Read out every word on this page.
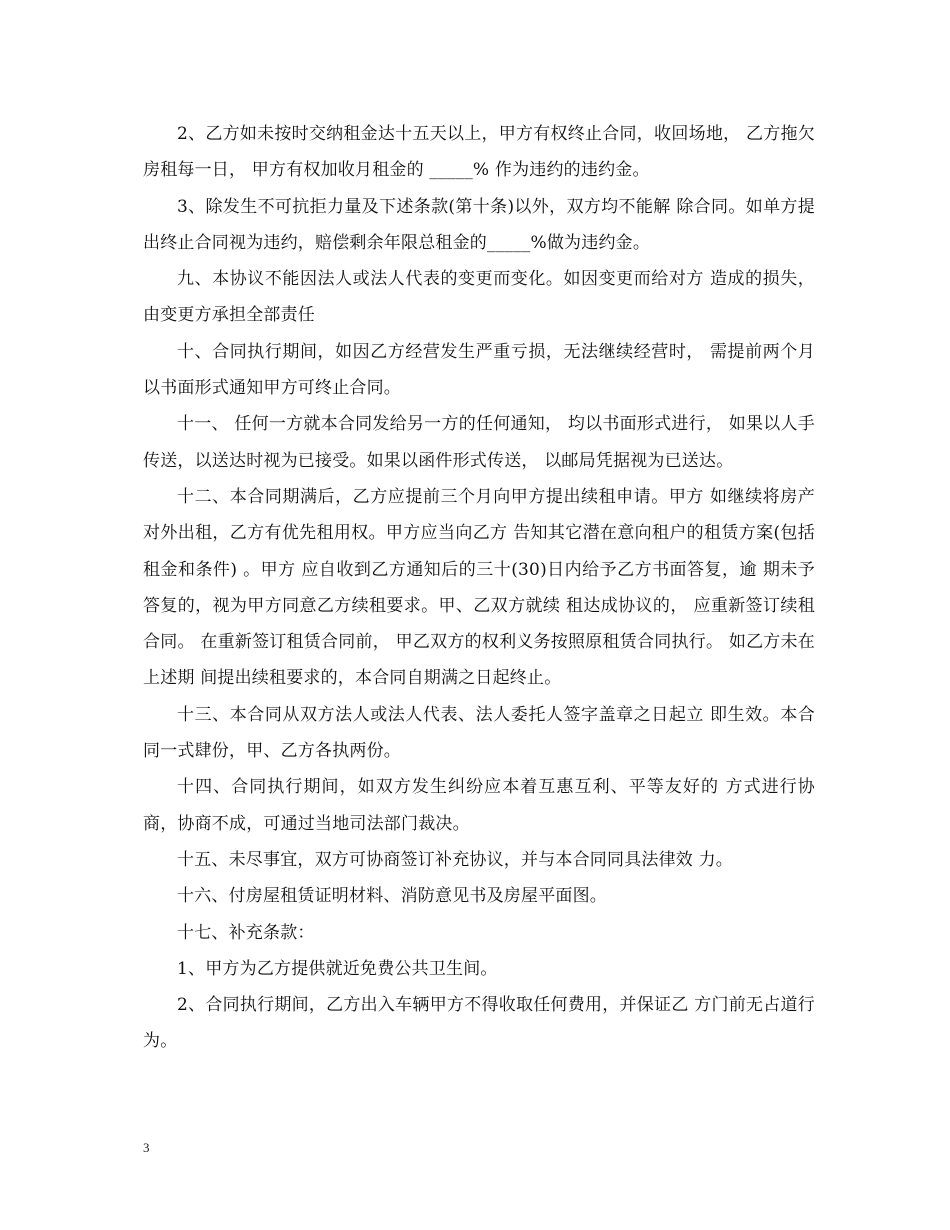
2、乙方如未按时交纳租金达十五天以上，甲方有权终止合同，收回场地， 乙方拖欠房租每一日， 甲方有权加收月租金的 _____% 作为违约的违约金。

3、除发生不可抗拒力量及下述条款(第十条)以外，双方均不能解 除合同。如单方提出终止合同视为违约，赔偿剩余年限总租金的_____%做为违约金。

九、本协议不能因法人或法人代表的变更而变化。如因变更而给对方 造成的损失，由变更方承担全部责任

十、合同执行期间，如因乙方经营发生严重亏损，无法继续经营时， 需提前两个月以书面形式通知甲方可终止合同。

十一、 任何一方就本合同发给另一方的任何通知， 均以书面形式进行， 如果以人手传送，以送达时视为已接受。如果以函件形式传送， 以邮局凭据视为已送达。

十二、本合同期满后，乙方应提前三个月向甲方提出续租申请。甲方 如继续将房产对外出租，乙方有优先租用权。甲方应当向乙方 告知其它潜在意向租户的租赁方案(包括租金和条件) 。甲方 应自收到乙方通知后的三十(30)日内给予乙方书面答复，逾 期未予答复的，视为甲方同意乙方续租要求。甲、乙双方就续 租达成协议的， 应重新签订续租合同。 在重新签订租赁合同前， 甲乙双方的权利义务按照原租赁合同执行。 如乙方未在上述期 间提出续租要求的，本合同自期满之日起终止。

十三、本合同从双方法人或法人代表、法人委托人签字盖章之日起立 即生效。本合同一式肆份，甲、乙方各执两份。

十四、合同执行期间，如双方发生纠纷应本着互惠互利、平等友好的 方式进行协商，协商不成，可通过当地司法部门裁决。

十五、未尽事宜，双方可协商签订补充协议，并与本合同同具法律效 力。

十六、付房屋租赁证明材料、消防意见书及房屋平面图。

十七、补充条款：

1、甲方为乙方提供就近免费公共卫生间。

2、合同执行期间，乙方出入车辆甲方不得收取任何费用，并保证乙 方门前无占道行为。

3
